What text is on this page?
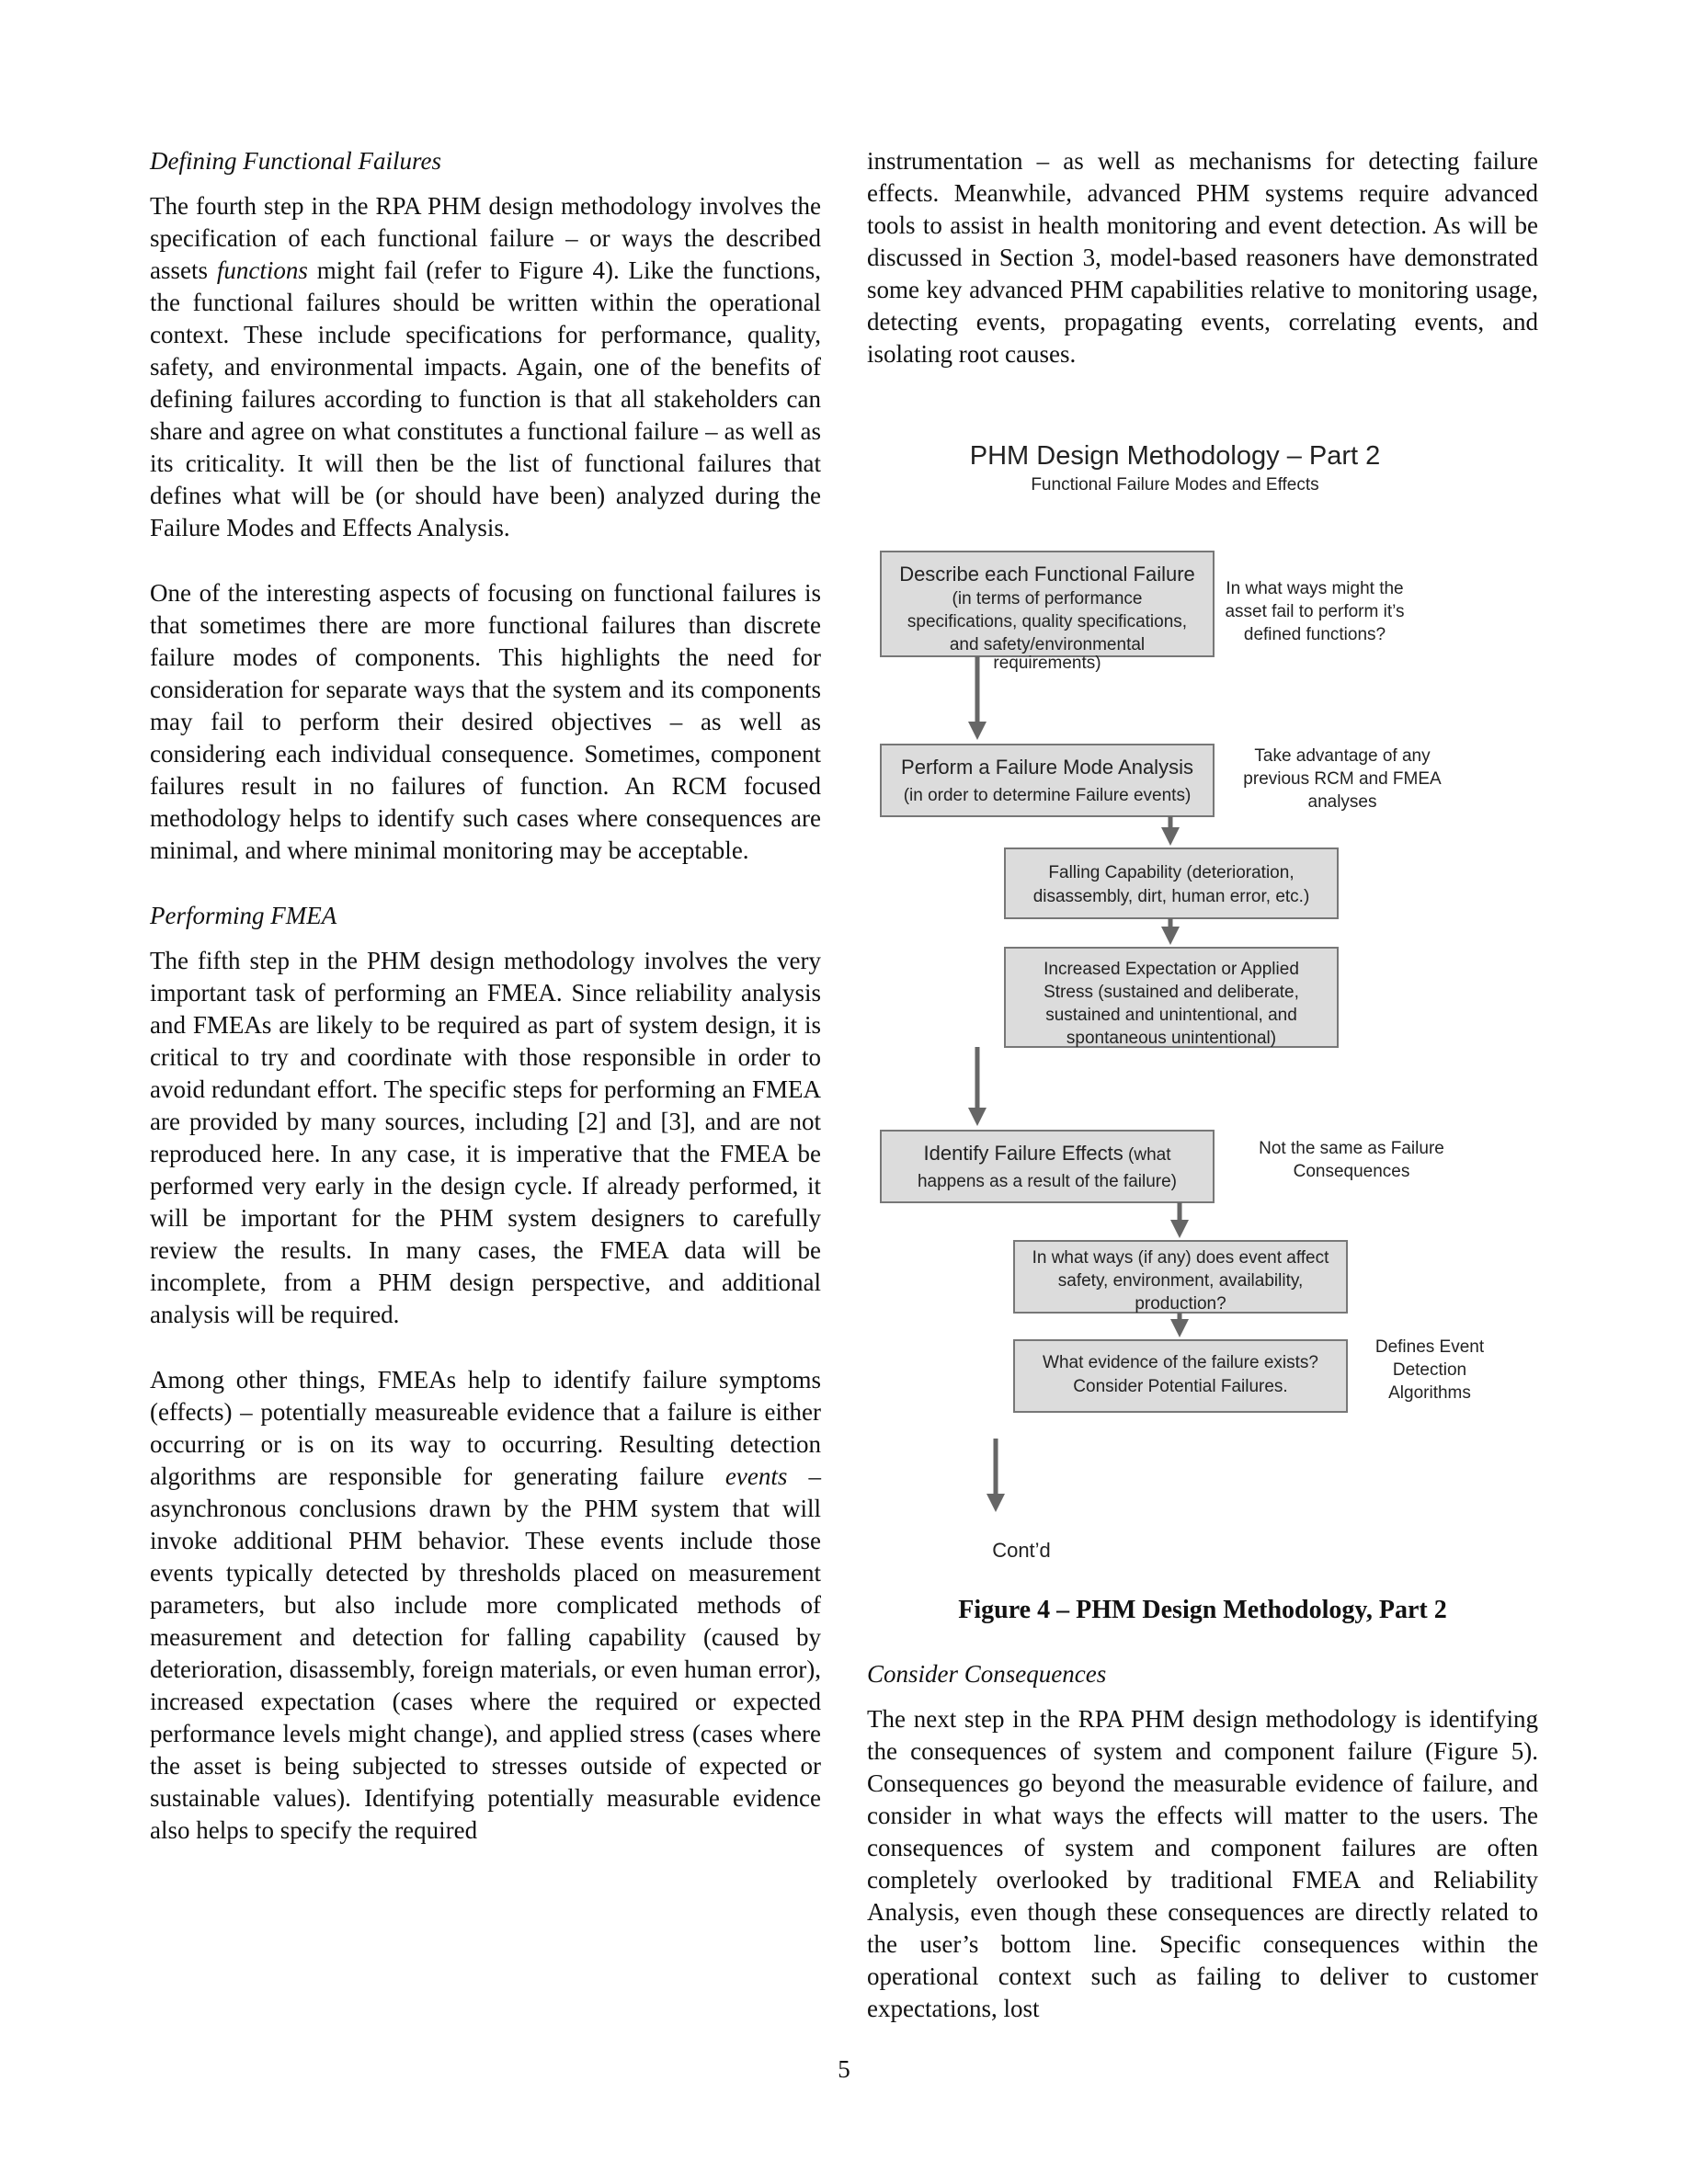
Defining Functional Failures

The fourth step in the RPA PHM design methodology involves the specification of each functional failure – or ways the described assets functions might fail (refer to Figure 4). Like the functions, the functional failures should be written within the operational context. These include specifications for performance, quality, safety, and environmental impacts. Again, one of the benefits of defining failures according to function is that all stakeholders can share and agree on what constitutes a functional failure – as well as its criticality. It will then be the list of functional failures that defines what will be (or should have been) analyzed during the Failure Modes and Effects Analysis.

One of the interesting aspects of focusing on functional failures is that sometimes there are more functional failures than discrete failure modes of components. This highlights the need for consideration for separate ways that the system and its components may fail to perform their desired objectives – as well as considering each individual consequence. Sometimes, component failures result in no failures of function. An RCM focused methodology helps to identify such cases where consequences are minimal, and where minimal monitoring may be acceptable.

Performing FMEA

The fifth step in the PHM design methodology involves the very important task of performing an FMEA. Since reliability analysis and FMEAs are likely to be required as part of system design, it is critical to try and coordinate with those responsible in order to avoid redundant effort. The specific steps for performing an FMEA are provided by many sources, including [2] and [3], and are not reproduced here. In any case, it is imperative that the FMEA be performed very early in the design cycle. If already performed, it will be important for the PHM system designers to carefully review the results. In many cases, the FMEA data will be incomplete, from a PHM design perspective, and additional analysis will be required.

Among other things, FMEAs help to identify failure symptoms (effects) – potentially measureable evidence that a failure is either occurring or is on its way to occurring. Resulting detection algorithms are responsible for generating failure events – asynchronous conclusions drawn by the PHM system that will invoke additional PHM behavior. These events include those events typically detected by thresholds placed on measurement parameters, but also include more complicated methods of measurement and detection for falling capability (caused by deterioration, disassembly, foreign materials, or even human error), increased expectation (cases where the required or expected performance levels might change), and applied stress (cases where the asset is being subjected to stresses outside of expected or sustainable values). Identifying potentially measurable evidence also helps to specify the required

instrumentation – as well as mechanisms for detecting failure effects. Meanwhile, advanced PHM systems require advanced tools to assist in health monitoring and event detection. As will be discussed in Section 3, model-based reasoners have demonstrated some key advanced PHM capabilities relative to monitoring usage, detecting events, propagating events, correlating events, and isolating root causes.

PHM Design Methodology – Part 2
Functional Failure Modes and Effects
Describe each Functional Failure
(in terms of performance
specifications, quality specifications,
and safety/environmental
requirements)
In what ways might the
asset fail to perform it’s
defined functions?
Perform a Failure Mode Analysis
(in order to determine Failure events)
Take advantage of any
previous RCM and FMEA
analyses
Falling Capability (deterioration,
disassembly, dirt, human error, etc.)
Increased Expectation or Applied
Stress (sustained and deliberate,
sustained and unintentional, and
spontaneous unintentional)
Identify Failure Effects (what
happens as a result of the failure)
Not the same as Failure
Consequences
In what ways (if any) does event affect
safety, environment, availability,
production?
What evidence of the failure exists?
Consider Potential Failures.
Defines Event
Detection
Algorithms
Cont’d
Figure 4 – PHM Design Methodology, Part 2
Consider Consequences

The next step in the RPA PHM design methodology is identifying the consequences of system and component failure (Figure 5). Consequences go beyond the measurable evidence of failure, and consider in what ways the effects will matter to the users. The consequences of system and component failures are often completely overlooked by traditional FMEA and Reliability Analysis, even though these consequences are directly related to the user’s bottom line. Specific consequences within the operational context such as failing to deliver to customer expectations, lost

5
